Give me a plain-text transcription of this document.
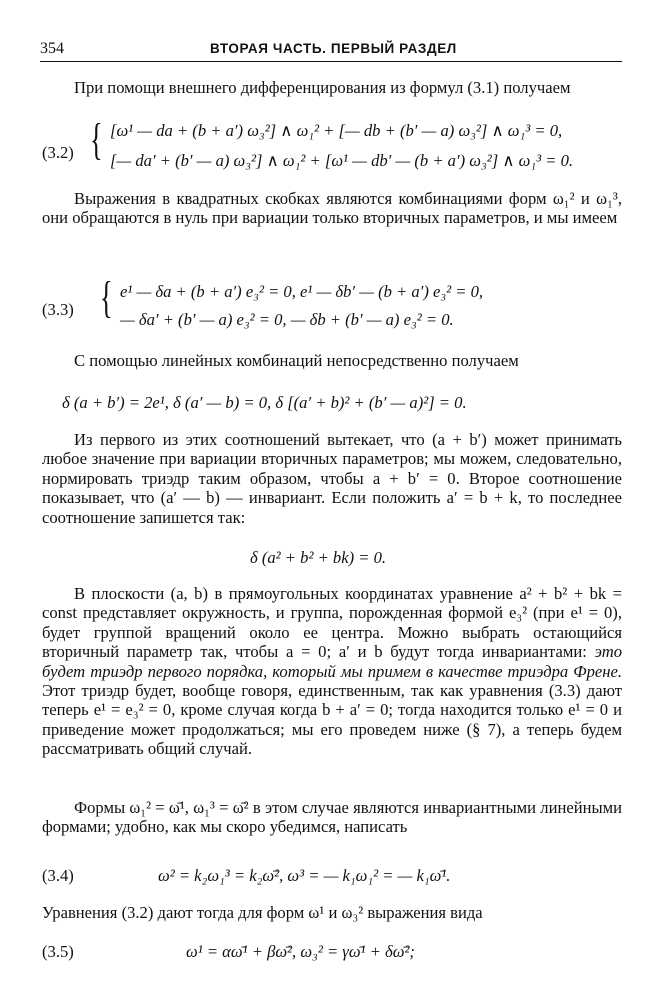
354	ВТОРАЯ ЧАСТЬ. ПЕРВЫЙ РАЗДЕЛ
При помощи внешнего дифференцирования из формул (3.1) получаем
(3.2) { [ω¹ — da + (b + a′) ω₃²] ∧ ω₁² + [— db + (b′ — a) ω₃²] ∧ ω₁³ = 0,
[— da′ + (b′ — a) ω₃²] ∧ ω₁² + [ω¹ — db′ — (b + a′) ω₃²] ∧ ω₁³ = 0.
Выражения в квадратных скобках являются комбинациями форм ω₁² и ω₁³, они обращаются в нуль при вариации только вторичных параметров, и мы имеем
(3.3) { e¹ — δa + (b + a′) e₃² = 0, e¹ — δb′ — (b + a′) e₃² = 0,
— δa′ + (b′ — a) e₃² = 0, — δb + (b′ — a) e₃² = 0.
С помощью линейных комбинаций непосредственно получаем
δ (a + b′) = 2e¹, δ (a′ — b) = 0, δ [(a′ + b)² + (b′ — a)²] = 0.
Из первого из этих соотношений вытекает, что (a + b′) может принимать любое значение при вариации вторичных параметров; мы можем, следовательно, нормировать триэдр таким образом, чтобы a + b′ = 0. Второе соотношение показывает, что (a′ — b) — инвариант. Если положить a′ = b + k, то последнее соотношение запишется так:
δ (a² + b² + bk) = 0.
В плоскости (a, b) в прямоугольных координатах уравнение a² + b² + bk = const представляет окружность, и группа, порожденная формой e₃² (при e¹ = 0), будет группой вращений около ее центра. Можно выбрать остающийся вторичный параметр так, чтобы a = 0; a′ и b будут тогда инвариантами: это будет триэдр первого порядка, который мы примем в качестве триэдра Френе. Этот триэдр будет, вообще говоря, единственным, так как уравнения (3.3) дают теперь e¹ = e₃² = 0, кроме случая когда b + a′ = 0; тогда находится только e¹ = 0 и приведение может продолжаться; мы его проведем ниже (§ 7), а теперь будем рассматривать общий случай.
Формы ω₁² = ω̄¹, ω₁³ = ω̄² в этом случае являются инвариантными линейными формами; удобно, как мы скоро убедимся, написать
(3.4)	ω² = k₂ω₁³ = k₂ω̄², ω³ = — k₁ω₁² = — k₁ω̄¹.
Уравнения (3.2) дают тогда для форм ω¹ и ω₃² выражения вида
(3.5)	ω¹ = αω̄¹ + βω̄², ω₃² = γω̄¹ + δω̄²;
